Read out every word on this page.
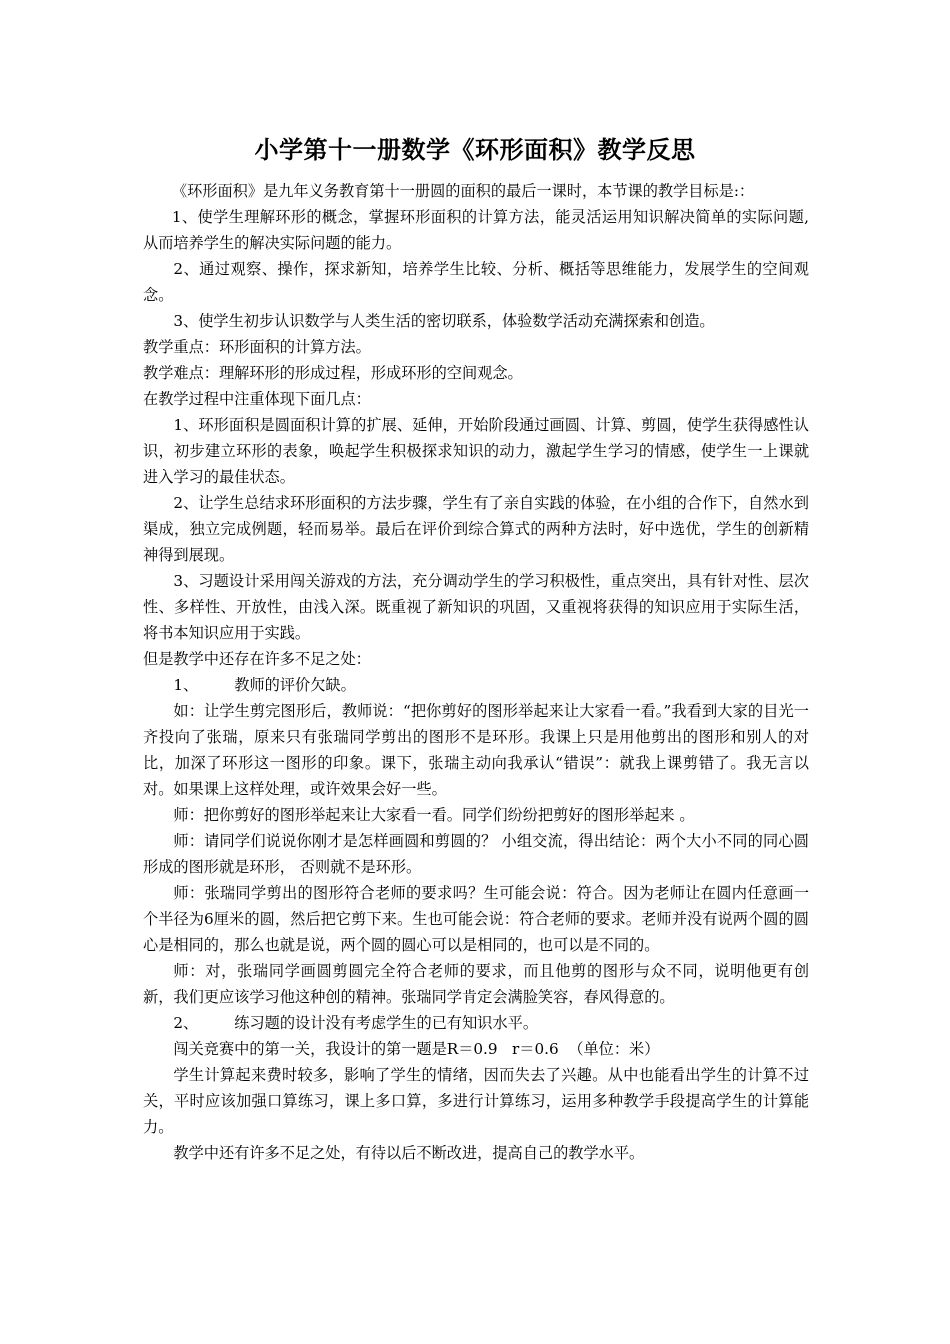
小学第十一册数学《环形面积》教学反思

《环形面积》是九年义务教育第十一册圆的面积的最后一课时，本节课的教学目标是:：

1、使学生理解环形的概念，掌握环形面积的计算方法，能灵活运用知识解决简单的实际问题,从而培养学生的解决实际问题的能力。

2、通过观察、操作，探求新知，培养学生比较、分析、概括等思维能力，发展学生的空间观念。

3、使学生初步认识数学与人类生活的密切联系，体验数学活动充满探索和创造。

教学重点：环形面积的计算方法。

教学难点：理解环形的形成过程，形成环形的空间观念。

在教学过程中注重体现下面几点：

1、环形面积是圆面积计算的扩展、延伸，开始阶段通过画圆、计算、剪圆，使学生获得感性认识，初步建立环形的表象，唤起学生积极探求知识的动力，激起学生学习的情感，使学生一上课就进入学习的最佳状态。

2、让学生总结求环形面积的方法步骤，学生有了亲自实践的体验，在小组的合作下，自然水到渠成，独立完成例题，轻而易举。最后在评价到综合算式的两种方法时，好中选优，学生的创新精神得到展现。

3、习题设计采用闯关游戏的方法，充分调动学生的学习积极性，重点突出，具有针对性、层次性、多样性、开放性，由浅入深。既重视了新知识的巩固，又重视将获得的知识应用于实际生活，将书本知识应用于实践。

但是教学中还存在许多不足之处：

1、 教师的评价欠缺。

如：让学生剪完图形后，教师说：“把你剪好的图形举起来让大家看一看。”我看到大家的目光一齐投向了张瑞，原来只有张瑞同学剪出的图形不是环形。我课上只是用他剪出的图形和别人的对比，加深了环形这一图形的印象。课下，张瑞主动向我承认“错误”：就我上课剪错了。我无言以对。如果课上这样处理，或许效果会好一些。

师：把你剪好的图形举起来让大家看一看。同学们纷纷把剪好的图形举起来 。

师：请同学们说说你刚才是怎样画圆和剪圆的？ 小组交流，得出结论：两个大小不同的同心圆形成的图形就是环形， 否则就不是环形。

师：张瑞同学剪出的图形符合老师的要求吗？生可能会说：符合。因为老师让在圆内任意画一个半径为6厘米的圆，然后把它剪下来。生也可能会说：符合老师的要求。老师并没有说两个圆的圆心是相同的，那么也就是说，两个圆的圆心可以是相同的，也可以是不同的。

师：对，张瑞同学画圆剪圆完全符合老师的要求，而且他剪的图形与众不同，说明他更有创新，我们更应该学习他这种创的精神。张瑞同学肯定会满脸笑容，春风得意的。

2、 练习题的设计没有考虑学生的已有知识水平。

闯关竞赛中的第一关，我设计的第一题是R＝0.9   r＝0.6  （单位：米）

学生计算起来费时较多，影响了学生的情绪，因而失去了兴趣。从中也能看出学生的计算不过关，平时应该加强口算练习，课上多口算，多进行计算练习，运用多种教学手段提高学生的计算能力。

教学中还有许多不足之处，有待以后不断改进，提高自己的教学水平。
